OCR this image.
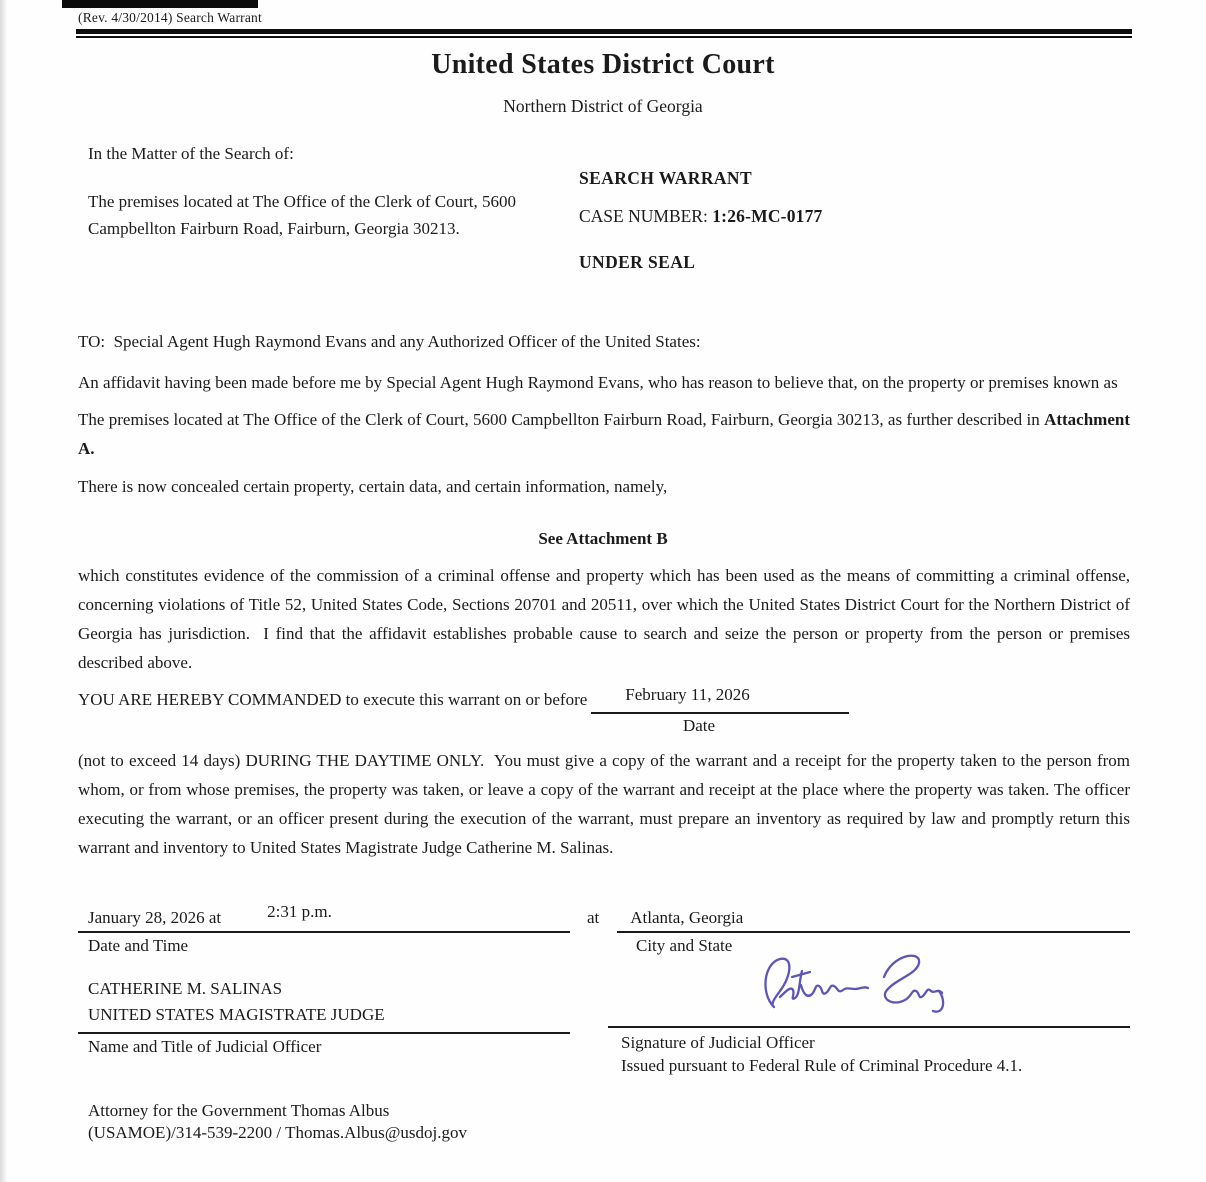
(Rev. 4/30/2014) Search Warrant
United States District Court
Northern District of Georgia
In the Matter of the Search of:
The premises located at The Office of the Clerk of Court, 5600 Campbellton Fairburn Road, Fairburn, Georgia 30213.
SEARCH WARRANT
CASE NUMBER: 1:26-MC-0177
UNDER SEAL
TO:  Special Agent Hugh Raymond Evans and any Authorized Officer of the United States:
An affidavit having been made before me by Special Agent Hugh Raymond Evans, who has reason to believe that, on the property or premises known as
The premises located at The Office of the Clerk of Court, 5600 Campbellton Fairburn Road, Fairburn, Georgia 30213, as further described in Attachment A.
There is now concealed certain property, certain data, and certain information, namely,
See Attachment B
which constitutes evidence of the commission of a criminal offense and property which has been used as the means of committing a criminal offense, concerning violations of Title 52, United States Code, Sections 20701 and 20511, over which the United States District Court for the Northern District of Georgia has jurisdiction.  I find that the affidavit establishes probable cause to search and seize the person or property from the person or premises described above.
YOU ARE HEREBY COMMANDED to execute this warrant on or before	February 11, 2026
Date
(not to exceed 14 days) DURING THE DAYTIME ONLY.  You must give a copy of the warrant and a receipt for the property taken to the person from whom, or from whose premises, the property was taken, or leave a copy of the warrant and receipt at the place where the property was taken. The officer executing the warrant, or an officer present during the execution of the warrant, must prepare an inventory as required by law and promptly return this warrant and inventory to United States Magistrate Judge Catherine M. Salinas.
January 28, 2026 at	2:31 p.m.	at	Atlanta, Georgia
Date and Time	City and State
CATHERINE M. SALINAS
UNITED STATES MAGISTRATE JUDGE
Name and Title of Judicial Officer	Signature of Judicial Officer
Issued pursuant to Federal Rule of Criminal Procedure 4.1.
Attorney for the Government Thomas Albus
(USAMOE)/314-539-2200 / Thomas.Albus@usdoj.gov
